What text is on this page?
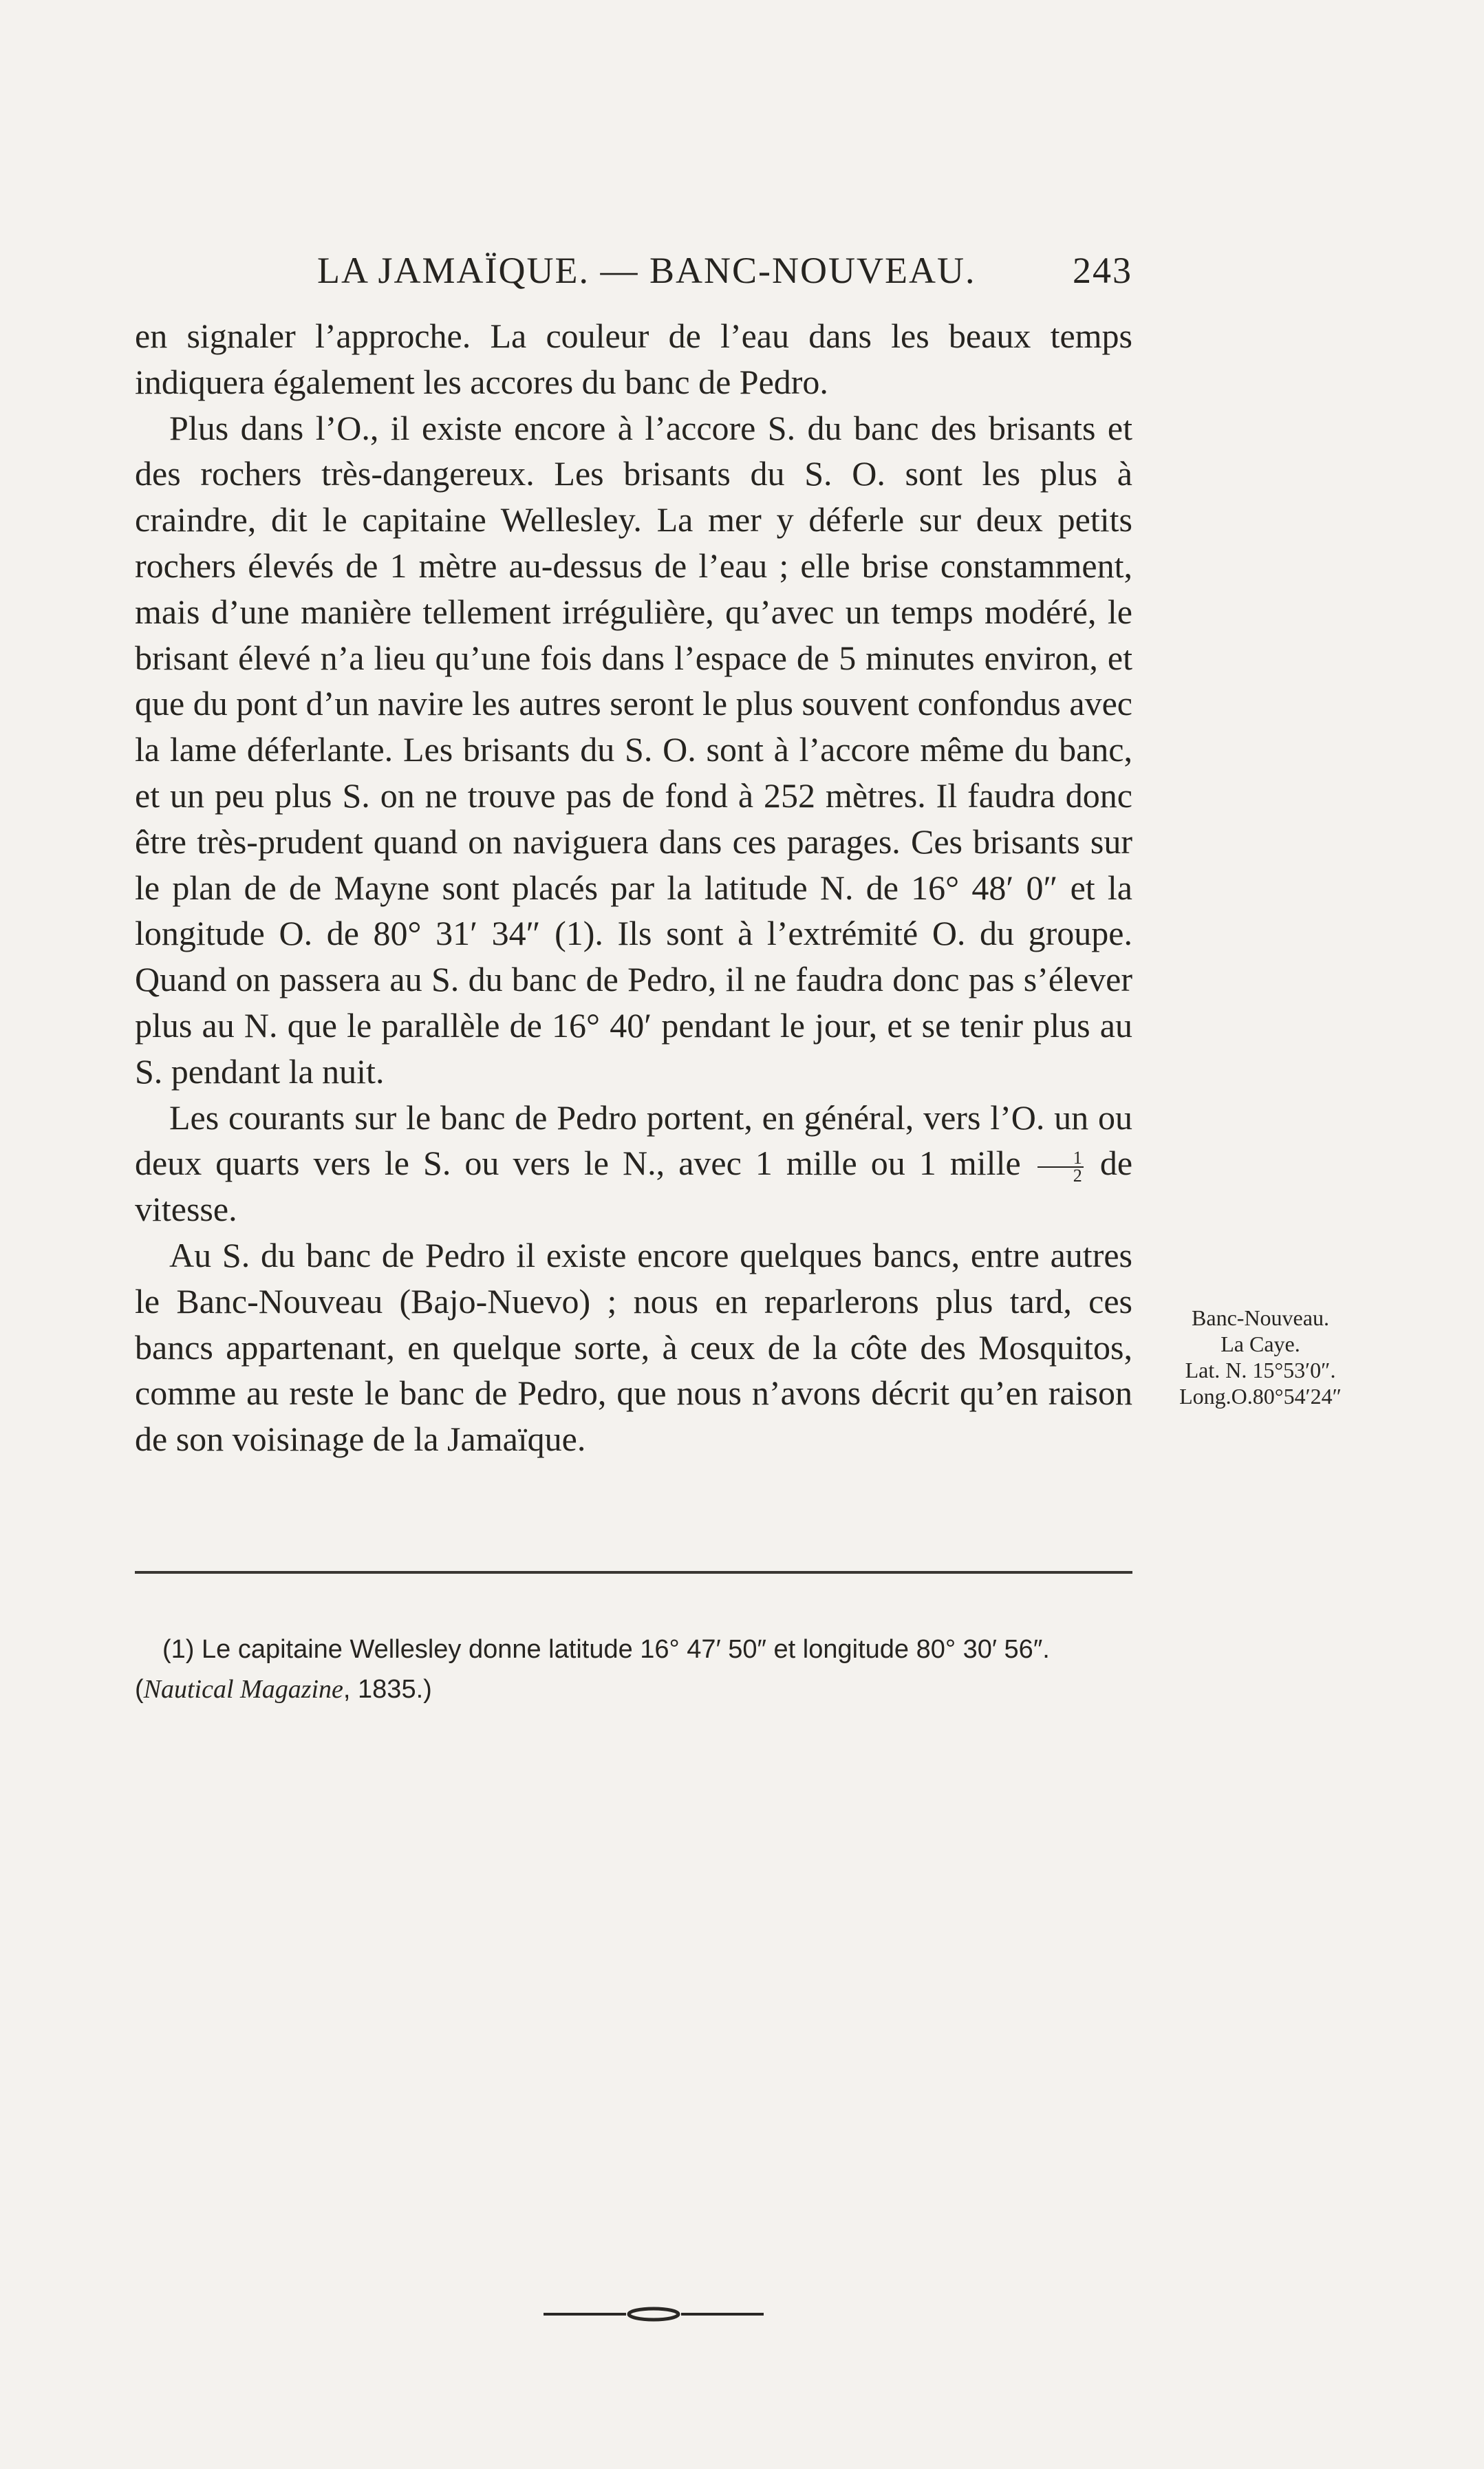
LA JAMAÏQUE. — BANC-NOUVEAU.	243

en signaler l’approche. La couleur de l’eau dans les beaux temps indiquera également les accores du banc de Pedro.

Plus dans l’O., il existe encore à l’accore S. du banc des brisants et des rochers très-dangereux. Les brisants du S. O. sont les plus à craindre, dit le capitaine Wellesley. La mer y déferle sur deux petits rochers élevés de 1 mètre au-dessus de l’eau ; elle brise constamment, mais d’une manière tellement irrégulière, qu’avec un temps modéré, le brisant élevé n’a lieu qu’une fois dans l’espace de 5 minutes environ, et que du pont d’un navire les autres seront le plus souvent confondus avec la lame déferlante. Les brisants du S. O. sont à l’accore même du banc, et un peu plus S. on ne trouve pas de fond à 252 mètres. Il faudra donc être très-prudent quand on naviguera dans ces parages. Ces brisants sur le plan de de Mayne sont placés par la latitude N. de 16° 48′ 0″ et la longitude O. de 80° 31′ 34″ (1). Ils sont à l’extrémité O. du groupe. Quand on passera au S. du banc de Pedro, il ne faudra donc pas s’élever plus au N. que le parallèle de 16° 40′ pendant le jour, et se tenir plus au S. pendant la nuit.

Les courants sur le banc de Pedro portent, en général, vers l’O. un ou deux quarts vers le S. ou vers le N., avec 1 mille ou 1 mille $\frac{1}{2}$ de vitesse.

Au S. du banc de Pedro il existe encore quelques bancs, entre autres le Banc-Nouveau (Bajo-Nuevo) ; nous en reparlerons plus tard, ces bancs appartenant, en quelque sorte, à ceux de la côte des Mosquitos, comme au reste le banc de Pedro, que nous n’avons décrit qu’en raison de son voisinage de la Jamaïque.

Banc-Nouveau.
La Caye.
Lat. N. 15°53′0″.
Long.O.80°54′24″

(1) Le capitaine Wellesley donne latitude 16° 47′ 50″ et longitude 80° 30′ 56″.
(Nautical Magazine, 1835.)
